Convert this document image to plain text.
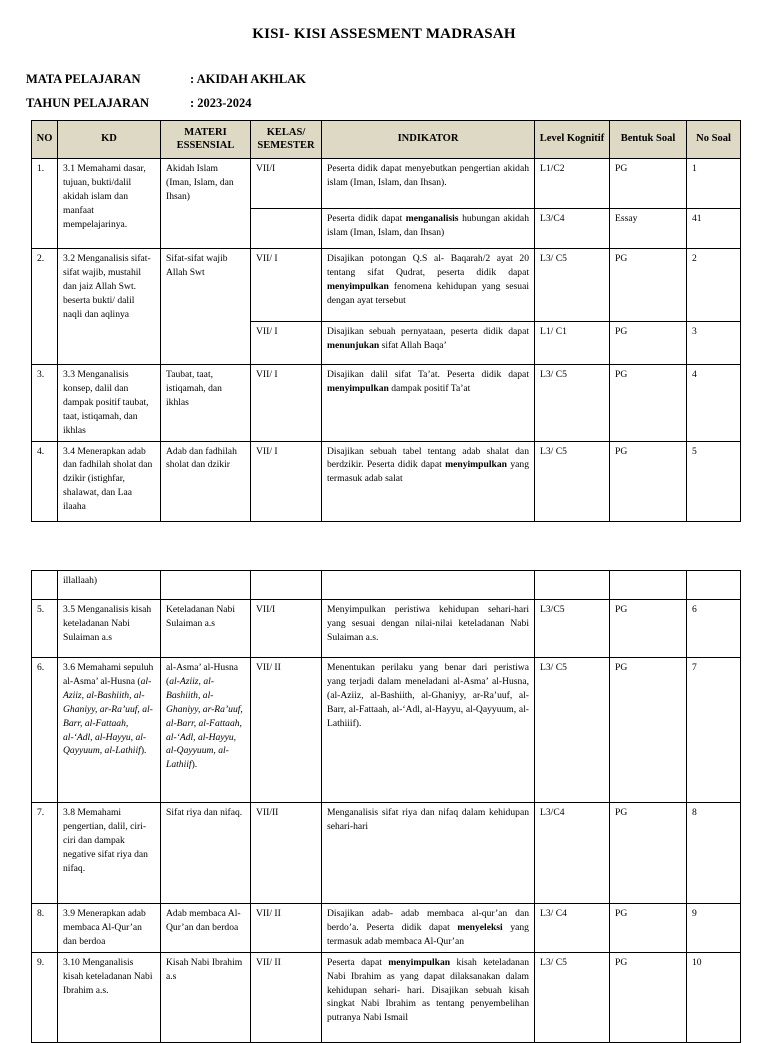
KISI- KISI ASSESMENT MADRASAH
MATA PELAJARAN	: AKIDAH AKHLAK
TAHUN PELAJARAN	: 2023-2024
NO	KD	MATERI ESSENSIAL	KELAS/ SEMESTER	INDIKATOR	Level Kognitif	Bentuk Soal	No Soal
1.	3.1 Memahami dasar, tujuan, bukti/dalil akidah islam dan manfaat mempelajarinya.	Akidah Islam (Iman, Islam, dan Ihsan)	VII/I	Peserta didik dapat menyebutkan pengertian akidah islam (Iman, Islam, dan Ihsan).	L1/C2	PG	1
				Peserta didik dapat menganalisis hubungan akidah islam (Iman, Islam, dan Ihsan)	L3/C4	Essay	41
2.	3.2 Menganalisis sifat-sifat wajib, mustahil dan jaiz Allah Swt. beserta bukti/ dalil naqli dan aqlinya	Sifat-sifat wajib Allah Swt	VII/ I	Disajikan potongan Q.S al- Baqarah/2 ayat 20 tentang sifat Qudrat, peserta didik dapat menyimpulkan fenomena kehidupan yang sesuai dengan ayat tersebut	L3/ C5	PG	2
			VII/ I	Disajikan sebuah pernyataan, peserta didik dapat menunjukan sifat Allah Baqa’	L1/ C1	PG	3
3.	3.3 Menganalisis konsep, dalil dan dampak positif taubat, taat, istiqamah, dan ikhlas	Taubat, taat, istiqamah, dan ikhlas	VII/ I	Disajikan dalil sifat Ta’at. Peserta didik dapat menyimpulkan dampak positif Ta’at	L3/ C5	PG	4
4.	3.4 Menerapkan adab dan fadhilah sholat dan dzikir (istighfar, shalawat, dan Laa ilaaha	Adab dan fadhilah sholat dan dzikir	VII/ I	Disajikan sebuah tabel tentang adab shalat dan berdzikir. Peserta didik dapat menyimpulkan yang termasuk adab salat	L3/ C5	PG	5
	illallaah)						
5.	3.5 Menganalisis kisah keteladanan Nabi Sulaiman a.s	Keteladanan Nabi Sulaiman a.s	VII/I	Menyimpulkan peristiwa kehidupan sehari-hari yang sesuai dengan nilai-nilai keteladanan Nabi Sulaiman a.s.	L3/C5	PG	6
6.	3.6 Memahami sepuluh al-Asma’ al-Husna (al-Aziiz, al-Bashiith, al-Ghaniyy, ar-Ra’uuf, al-Barr, al-Fattaah, al-‘Adl, al-Hayyu, al-Qayyuum, al-Lathiif).	al-Asma’ al-Husna (al-Aziiz, al-Bashiith, al-Ghaniyy, ar-Ra’uuf, al-Barr, al-Fattaah, al-‘Adl, al-Hayyu, al-Qayyuum, al-Lathiif).	VII/ II	Menentukan perilaku yang benar dari peristiwa yang terjadi dalam meneladani al-Asma’ al-Husna, (al-Aziiz, al-Bashiith, al-Ghaniyy, ar-Ra’uuf, al-Barr, al-Fattaah, al-‘Adl, al-Hayyu, al-Qayyuum, al-Lathiiif).	L3/ C5	PG	7
7.	3.8 Memahami pengertian, dalil, ciri-ciri dan dampak negative sifat riya dan nifaq.	Sifat riya dan nifaq.	VII/II	Menganalisis sifat riya dan nifaq dalam kehidupan sehari-hari	L3/C4	PG	8
8.	3.9 Menerapkan adab membaca Al-Qur’an dan berdoa	Adab membaca Al-Qur’an dan berdoa	VII/ II	Disajikan adab- adab membaca al-qur’an dan berdo’a. Peserta didik dapat menyeleksi yang termasuk adab membaca Al-Qur’an	L3/ C4	PG	9
9.	3.10 Menganalisis kisah keteladanan Nabi Ibrahim a.s.	Kisah Nabi Ibrahim a.s	VII/ II	Peserta dapat menyimpulkan kisah keteladanan Nabi Ibrahim as yang dapat dilaksanakan dalam kehidupan sehari- hari. Disajikan sebuah kisah singkat Nabi Ibrahim as tentang penyembelihan putranya Nabi Ismail	L3/ C5	PG	10
